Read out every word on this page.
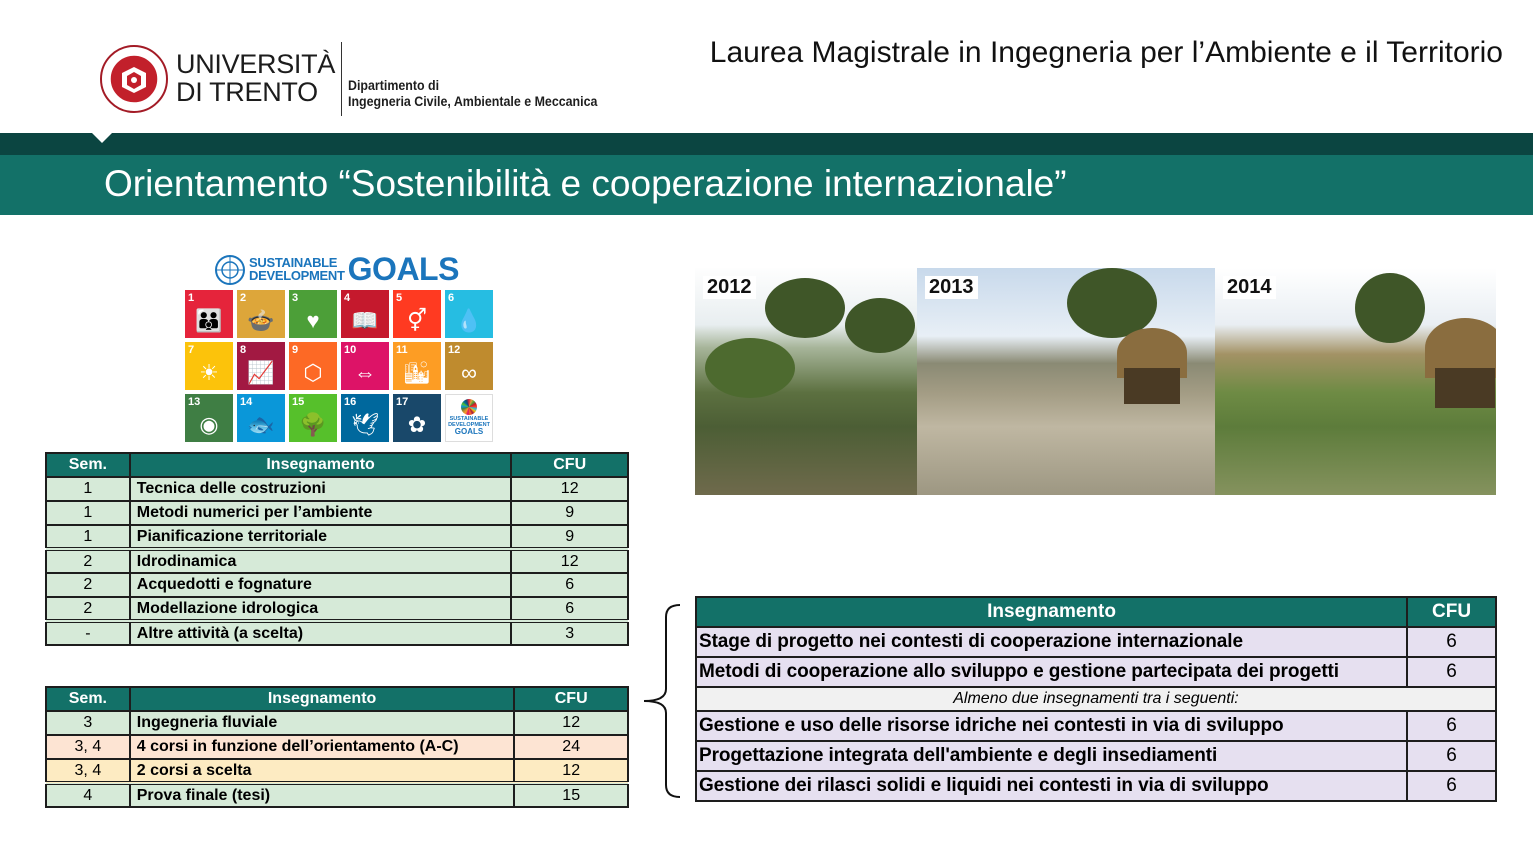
UNIVERSITÀ
DI TRENTO	Dipartimento di
Ingegneria Civile, Ambientale e Meccanica
Laurea Magistrale in Ingegneria per l’Ambiente e il Territorio
Orientamento “Sostenibilità e cooperazione internazionale”
SUSTAINABLE
DEVELOPMENT GOALS
1
👪
2
🍲
3
♥
4
📖
5
⚥
6
💧
7
☀
8
📈
9
⬡
10
⇔
11
🏙
12
∞
13
◉
14
🐟
15
🌳
16
🕊
17
✿	SUSTAINABLE
DEVELOPMENT
GOALS
Sem.	Insegnamento	CFU
1	Tecnica delle costruzioni	12
1	Metodi numerici per l’ambiente	9
1	Pianificazione territoriale	9
2	Idrodinamica	12
2	Acquedotti e fognature	6
2	Modellazione idrologica	6
-	Altre attività (a scelta)	3
Sem.	Insegnamento	CFU
3	Ingegneria fluviale	12
3, 4	4 corsi in funzione dell’orientamento (A-C)	24
3, 4	2 corsi a scelta	12
4	Prova finale (tesi)	15
2012	2013	2014
Insegnamento	CFU
Stage di progetto nei contesti di cooperazione internazionale	6
Metodi di cooperazione allo sviluppo e gestione partecipata dei progetti	6
Almeno due insegnamenti tra i seguenti:	
Gestione e uso delle risorse idriche nei contesti in via di sviluppo	6
Progettazione integrata dell'ambiente e degli insediamenti	6
Gestione dei rilasci solidi e liquidi nei contesti in via di sviluppo	6
